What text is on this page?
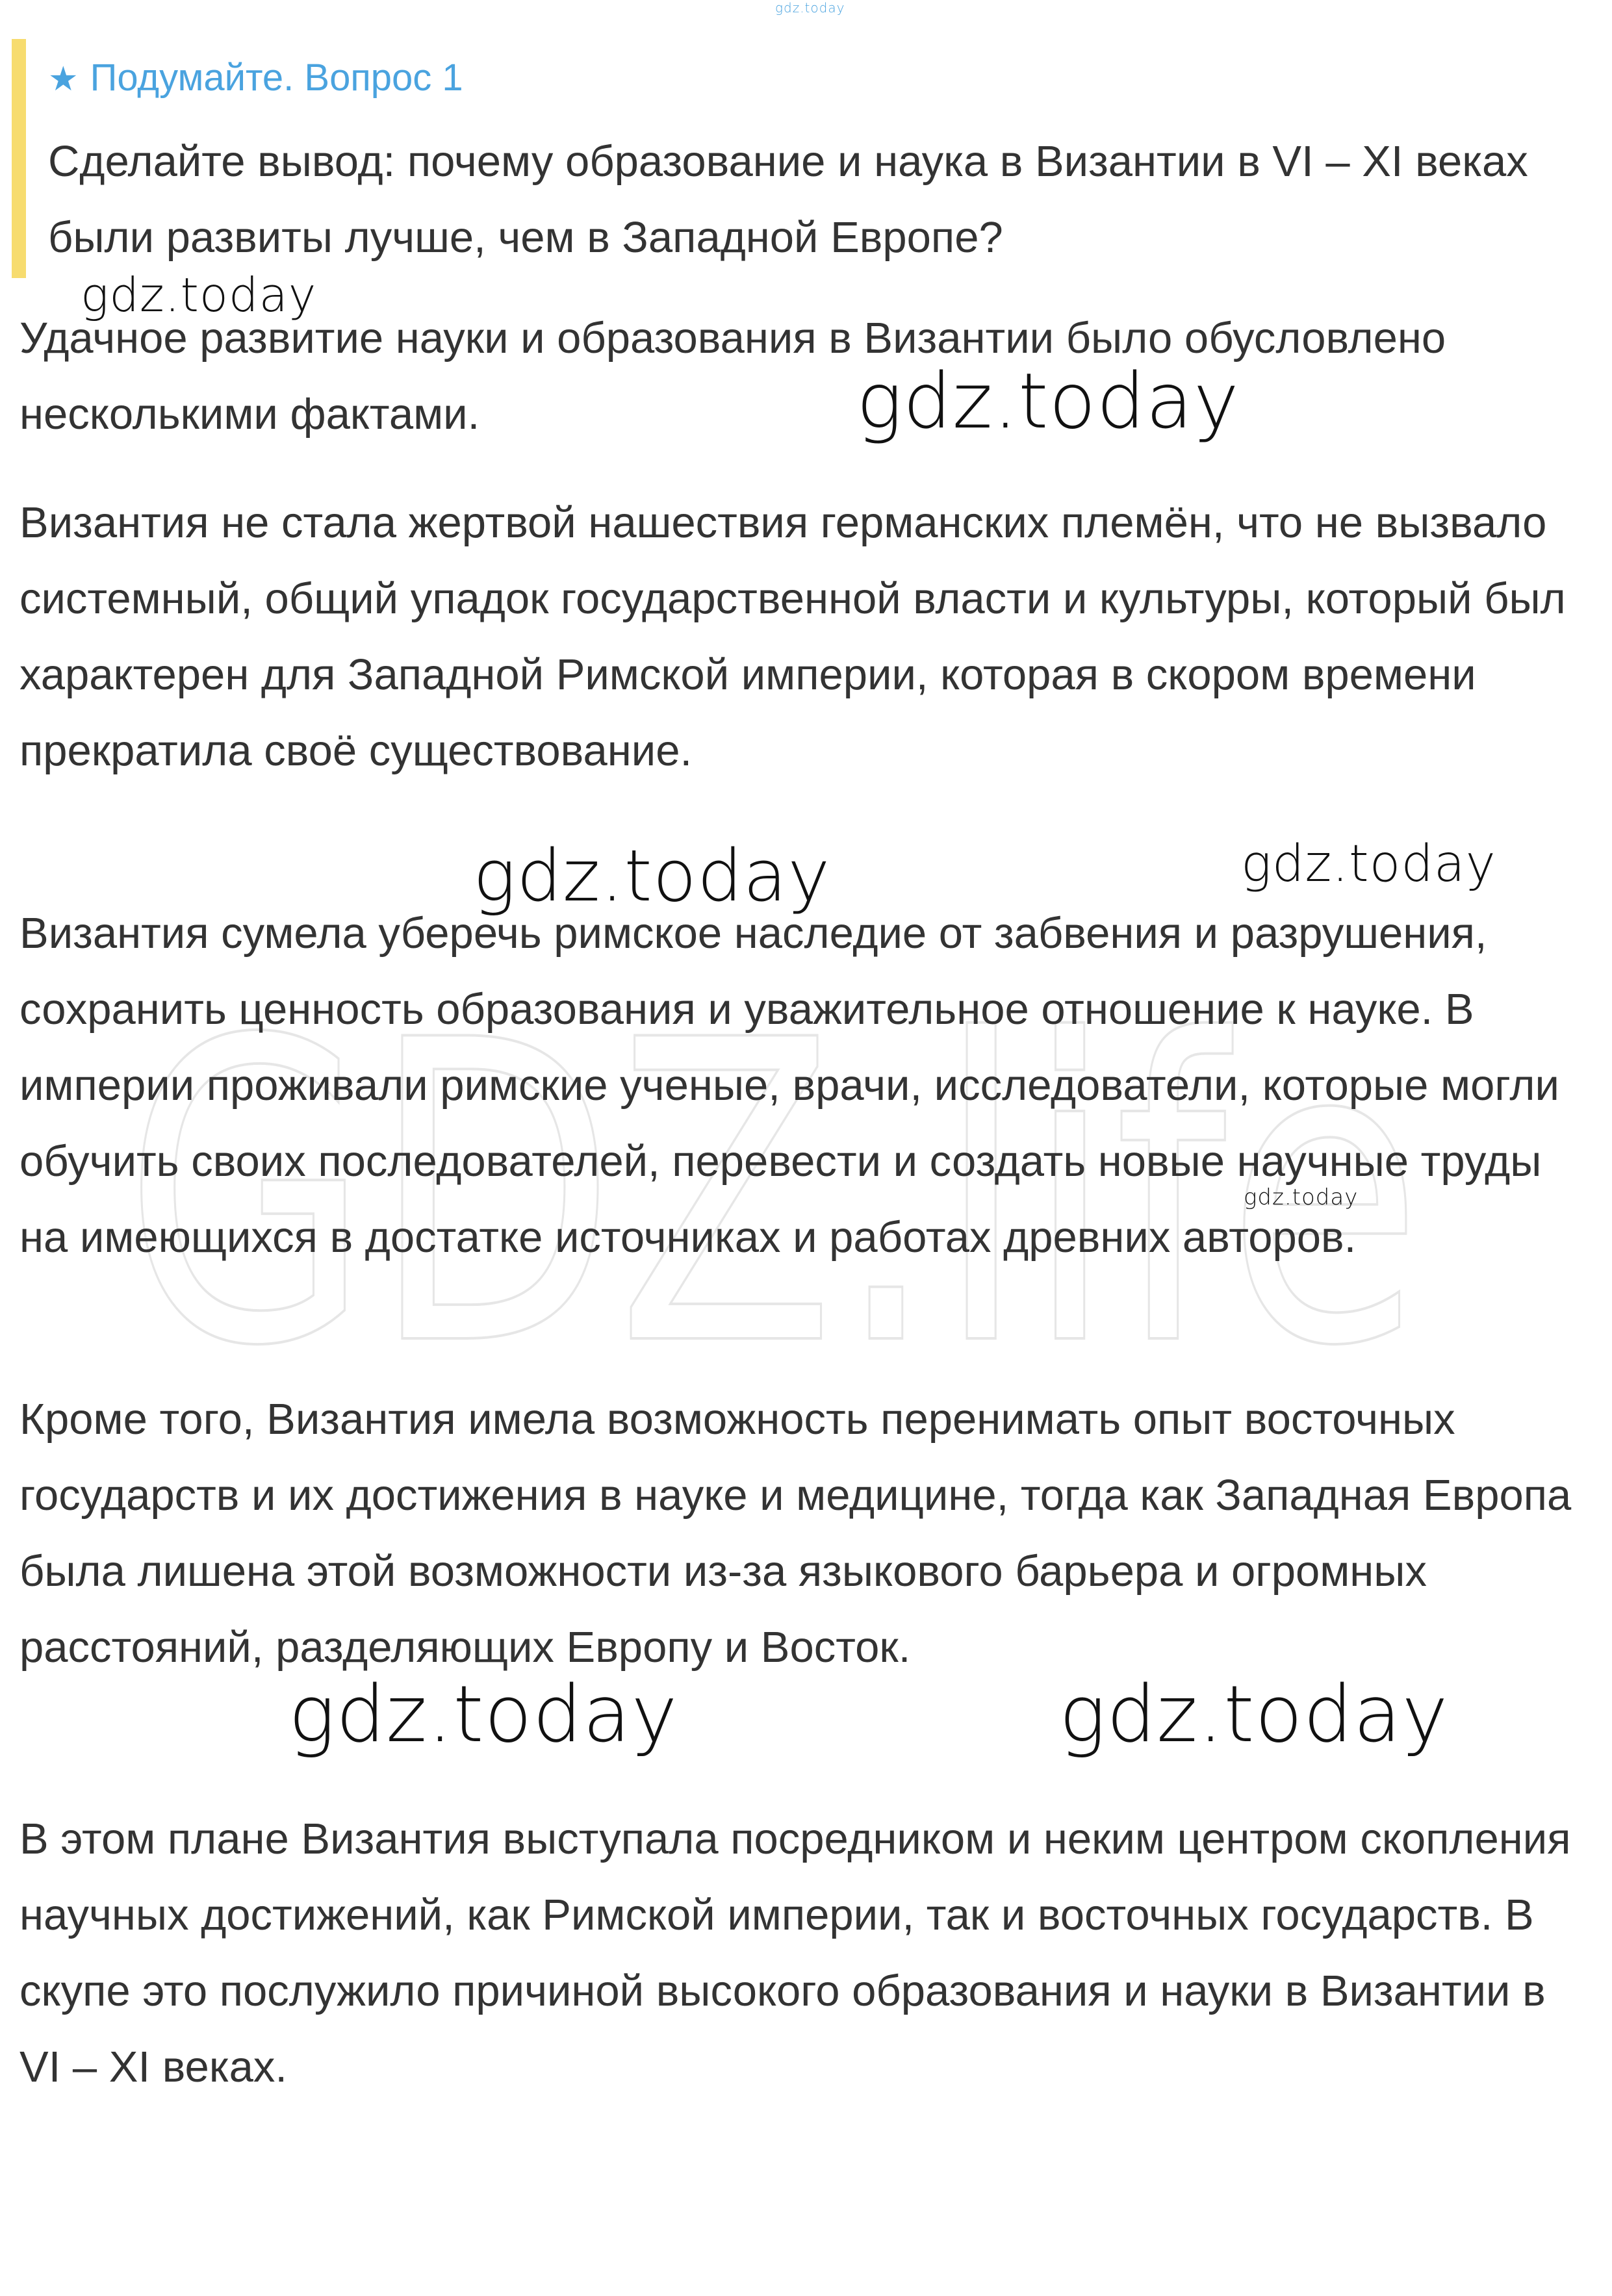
GDZ.life
gdz.today
★ Подумайте. Вопрос 1
Сделайте вывод: почему образование и наука в Византии в VI – XI веках были развиты лучше, чем в Западной Европе?
Удачное развитие науки и образования в Византии было обусловлено несколькими фактами.
Византия не стала жертвой нашествия германских племён, что не вызвало системный, общий упадок государственной власти и культуры, который был характерен для Западной Римской империи, которая в скором времени прекратила своё существование.
Византия сумела уберечь римское наследие от забвения и разрушения, сохранить ценность образования и уважительное отношение к науке. В империи проживали римские ученые, врачи, исследователи, которые могли обучить своих последователей, перевести и создать новые научные труды на имеющихся в достатке источниках и работах древних авторов.
Кроме того, Византия имела возможность перенимать опыт восточных государств и их достижения в науке и медицине, тогда как Западная Европа была лишена этой возможности из-за языкового барьера и огромных расстояний, разделяющих Европу и Восток.
В этом плане Византия выступала посредником и неким центром скопления научных достижений, как Римской империи, так и восточных государств. В скупе это послужило причиной высокого образования и науки в Византии в VI – XI веках.
gdz.today
gdz.today
gdz.today	gdz.today
gdz.today
gdz.today	gdz.today
